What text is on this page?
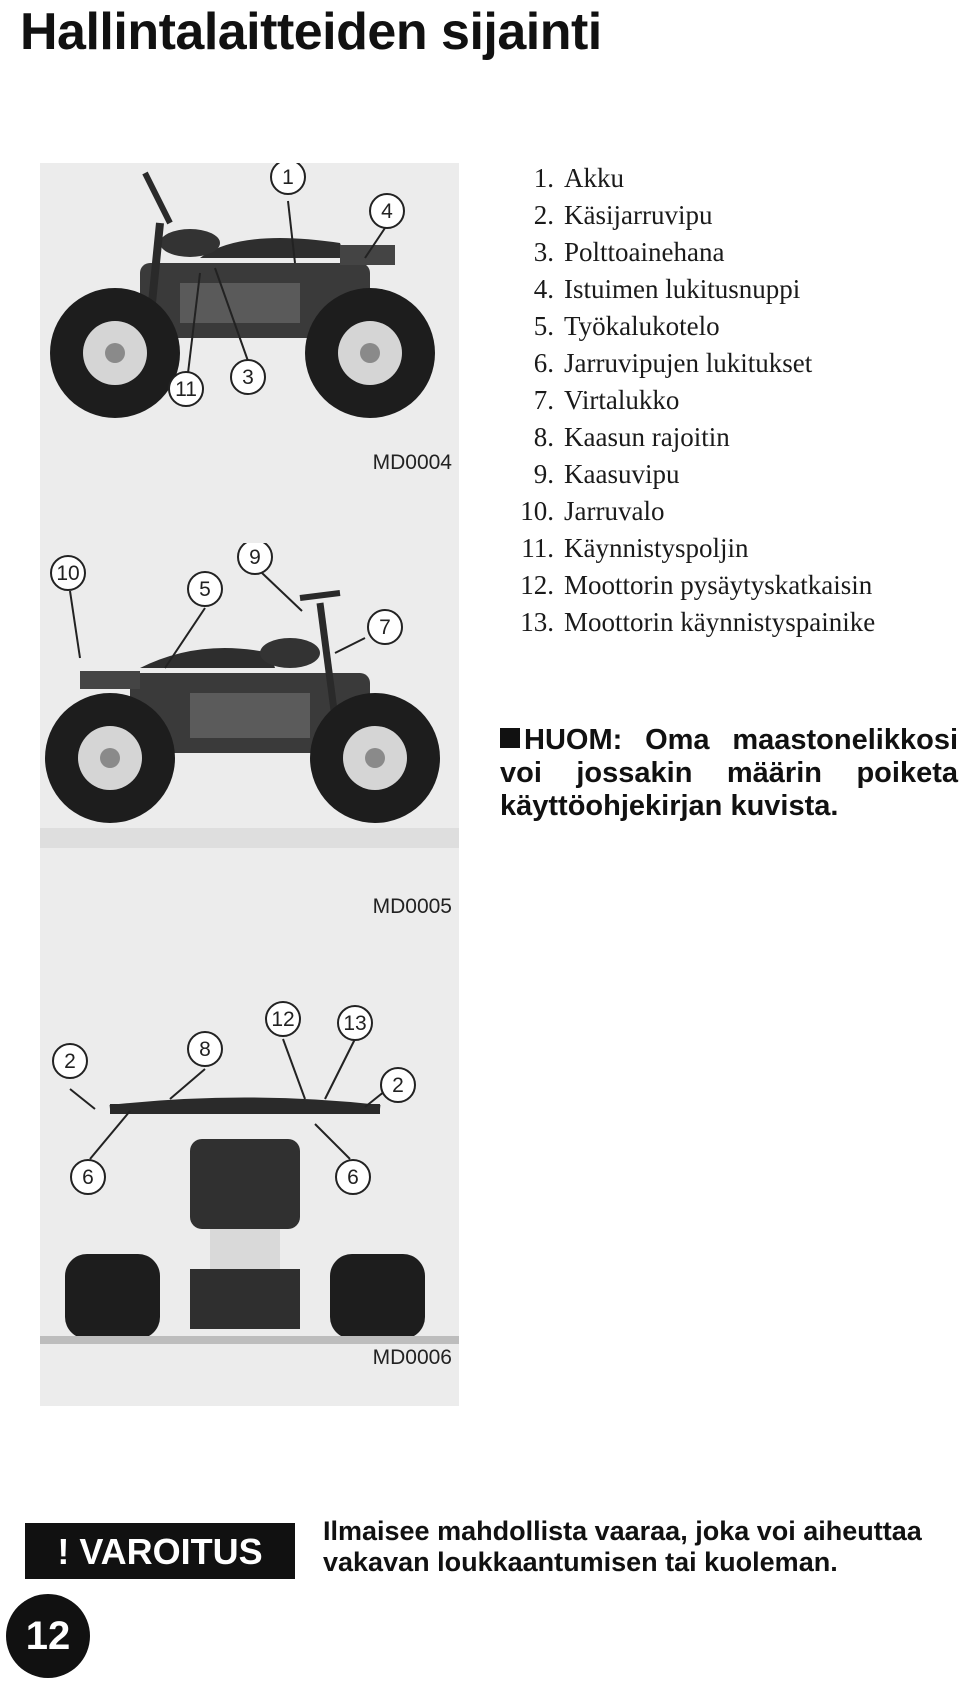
Hallintalaitteiden sijainti
1
4
11
3
MD0004
9
10
5
7
MD0005
12 13
2
8
2
6	6
MD0006
1. Akku
2. Käsijarruvipu
3. Polttoainehana
4. Istuimen lukitusnuppi
5. Työkalukotelo
6. Jarruvipujen lukitukset
7. Virtalukko
8. Kaasun rajoitin
9. Kaasuvipu
10. Jarruvalo
11. Käynnistyspoljin
12. Moottorin pysäytyskatkaisin
13. Moottorin käynnistyspainike
HUOM: Oma maastonelikkosi voi jossakin määrin poiketa käyttöohjekirjan kuvista.
! VAROITUS	Ilmaisee mahdollista vaaraa, joka voi aiheuttaa
vakavan loukkaantumisen tai kuoleman.
12
